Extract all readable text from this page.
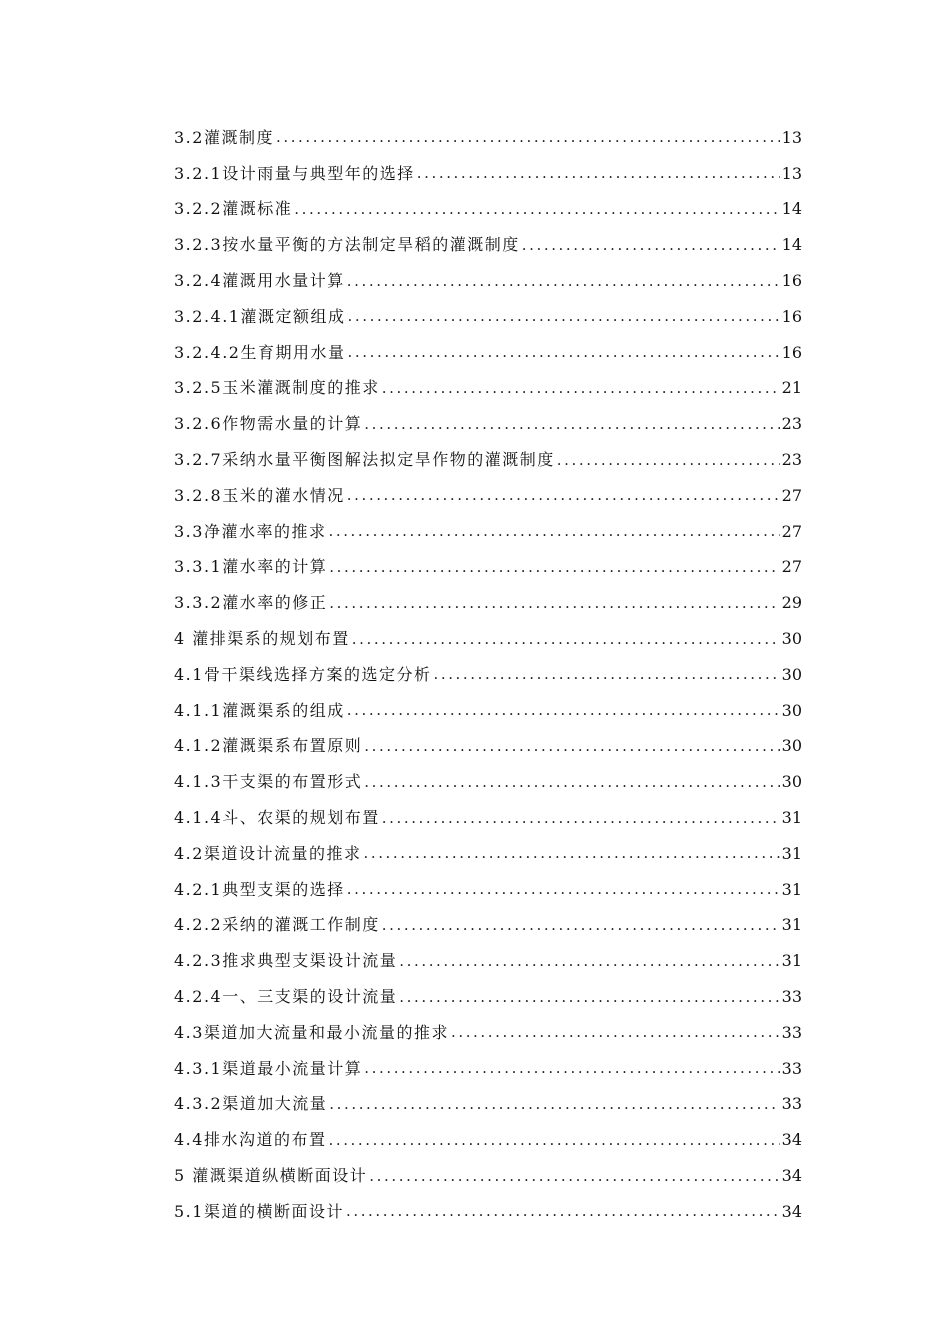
3.2灌溉制度 .....	13
3.2.1设计雨量与典型年的选择 .....	13
3.2.2灌溉标准 .....	14
3.2.3按水量平衡的方法制定旱稻的灌溉制度 .....	14
3.2.4灌溉用水量计算 .....	16
3.2.4.1灌溉定额组成 .....	16
3.2.4.2生育期用水量 .....	16
3.2.5玉米灌溉制度的推求 .....	21
3.2.6作物需水量的计算 .....	23
3.2.7采纳水量平衡图解法拟定旱作物的灌溉制度 .....	23
3.2.8玉米的灌水情况 .....	27
3.3净灌水率的推求 .....	27
3.3.1灌水率的计算 .....	27
3.3.2灌水率的修正 .....	29
4 灌排渠系的规划布置 .....	30
4.1骨干渠线选择方案的选定分析 .....	30
4.1.1灌溉渠系的组成 .....	30
4.1.2灌溉渠系布置原则 .....	30
4.1.3干支渠的布置形式 .....	30
4.1.4斗、农渠的规划布置 .....	31
4.2渠道设计流量的推求 .....	31
4.2.1典型支渠的选择 .....	31
4.2.2采纳的灌溉工作制度 .....	31
4.2.3推求典型支渠设计流量 .....	31
4.2.4一、三支渠的设计流量 .....	33
4.3渠道加大流量和最小流量的推求 .....	33
4.3.1渠道最小流量计算 .....	33
4.3.2渠道加大流量 .....	33
4.4排水沟道的布置 .....	34
5 灌溉渠道纵横断面设计 .....	34
5.1渠道的横断面设计 .....	34
